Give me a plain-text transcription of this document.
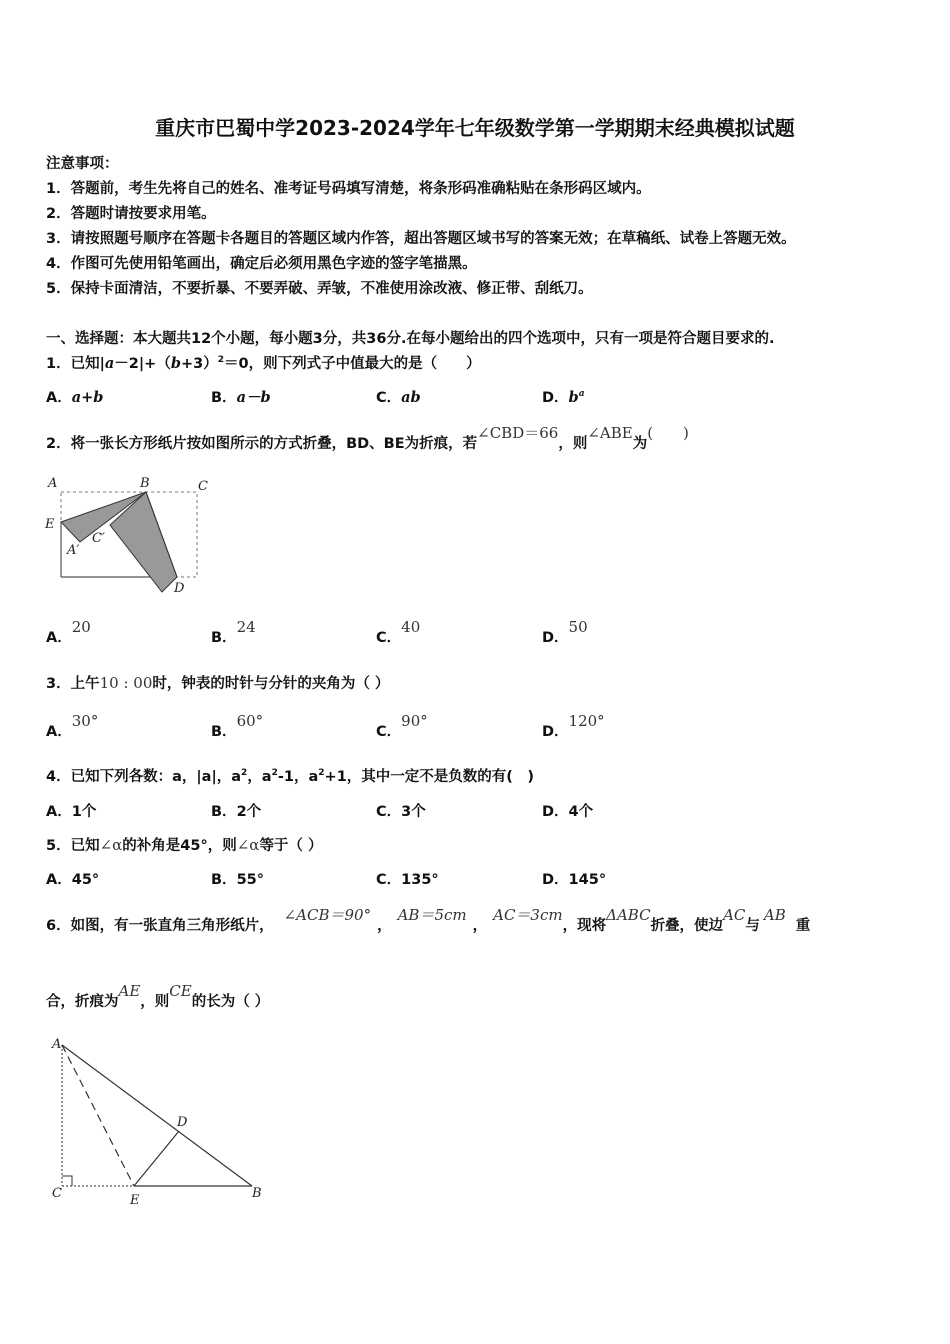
重庆市巴蜀中学2023-2024学年七年级数学第一学期期末经典模拟试题
注意事项：
1．答题前，考生先将自己的姓名、准考证号码填写清楚，将条形码准确粘贴在条形码区域内。
2．答题时请按要求用笔。
3．请按照题号顺序在答题卡各题目的答题区域内作答，超出答题区域书写的答案无效；在草稿纸、试卷上答题无效。
4．作图可先使用铅笔画出，确定后必须用黑色字迹的签字笔描黑。
5．保持卡面清洁，不要折暴、不要弄破、弄皱，不准使用涂改液、修正带、刮纸刀。
一、选择题：本大题共12个小题，每小题3分，共36分.在每小题给出的四个选项中，只有一项是符合题目要求的.
1．已知$|a-2|+(b+3)^2=0$，则下列式子中值最大的是（　　）
A．a+b	B．a－b	C．ab	D．$b^a$
2．将一张长方形纸片按如图所示的方式折叠，BD、BE为折痕，若∠CBD＝66，则∠ABE为(　　)
A	B	C
E
A′
C′
D
A．20
B．24
C．40
D．50
3．上午10 : 00时，钟表的时针与分针的夹角为（ ）
A．30°
B．60°
C．90°
D．120°
4．已知下列各数：a，|a|，$a^2$，$a^2-1$，$a^2+1$，其中一定不是负数的有(　)
A．1个	B．2个	C．3个	D．4个
5．已知∠α的补角是45°，则∠α等于（ ）
A．45°	B．55°	C．135°	D．145°
6．如图，有一张直角三角形纸片，∠ACB＝90°，AB＝5cm，AC＝3cm，现将ΔABC折叠，使边AC与AB重
合，折痕为AE，则CE的长为（ ）
A
C
D
E	B
